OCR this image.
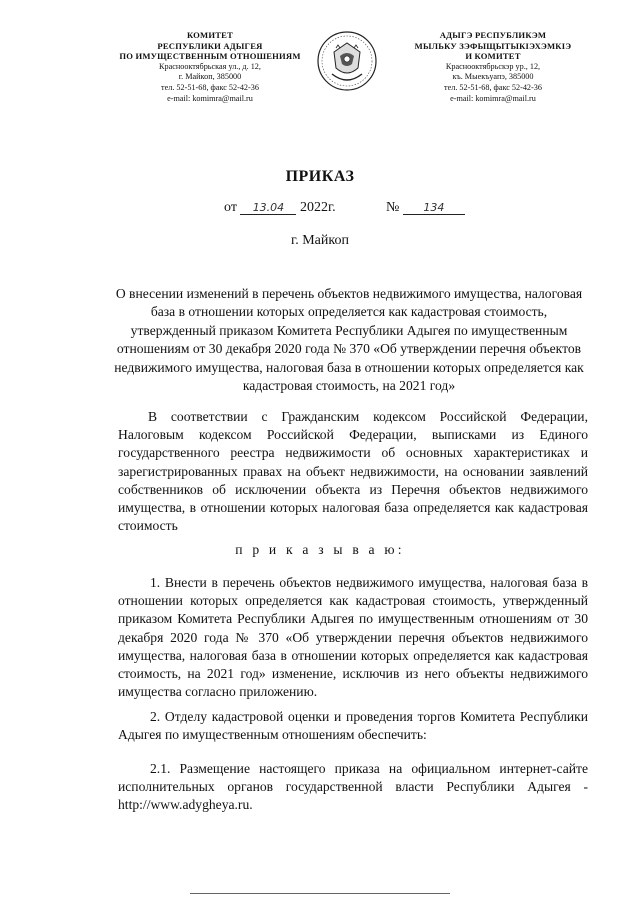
КОМИТЕТ
РЕСПУБЛИКИ АДЫГЕЯ
ПО ИМУЩЕСТВЕННЫМ ОТНОШЕНИЯМ
Краснооктябрьская ул., д. 12,
г. Майкоп, 385000
тел. 52-51-68, факс 52-42-36
e-mail: komimra@mail.ru
АДЫГЭ РЕСПУБЛИКЭМ
МЫЛЬКУ ЗЭФЫЩЫТЫКІЭХЭМКІЭ
И КОМИТЕТ
Краснооктябрьскэр ур., 12,
къ. Мыекъуапэ, 385000
тел. 52-51-68, факс 52-42-36
e-mail: komimra@mail.ru
ПРИКАЗ
от 13.04 2022г.	№ 134
г. Майкоп
О внесении изменений в перечень объектов недвижимого имущества, налоговая база в отношении которых определяется как кадастровая стоимость, утвержденный приказом Комитета Республики Адыгея по имущественным отношениям от 30 декабря 2020 года № 370 «Об утверждении перечня объектов недвижимого имущества, налоговая база в отношении которых определяется как кадастровая стоимость, на 2021 год»
В соответствии с Гражданским кодексом Российской Федерации, Налоговым кодексом Российской Федерации, выписками из Единого государственного реестра недвижимости об основных характеристиках и зарегистрированных правах на объект недвижимости, на основании заявлений собственников об исключении объекта из Перечня объектов недвижимого имущества, в отношении которых налоговая база определяется как кадастровая стоимость
п р и к а з ы в а ю:
1. Внести в перечень объектов недвижимого имущества, налоговая база в отношении которых определяется как кадастровая стоимость, утвержденный приказом Комитета Республики Адыгея по имущественным отношениям от 30 декабря 2020 года № 370 «Об утверждении перечня объектов недвижимого имущества, налоговая база в отношении которых определяется как кадастровая стоимость, на 2021 год» изменение, исключив из него объекты недвижимого имущества согласно приложению.
2. Отделу кадастровой оценки и проведения торгов Комитета Республики Адыгея по имущественным отношениям обеспечить:
2.1. Размещение настоящего приказа на официальном интернет-сайте исполнительных органов государственной власти Республики Адыгея - http://www.adygheya.ru.
